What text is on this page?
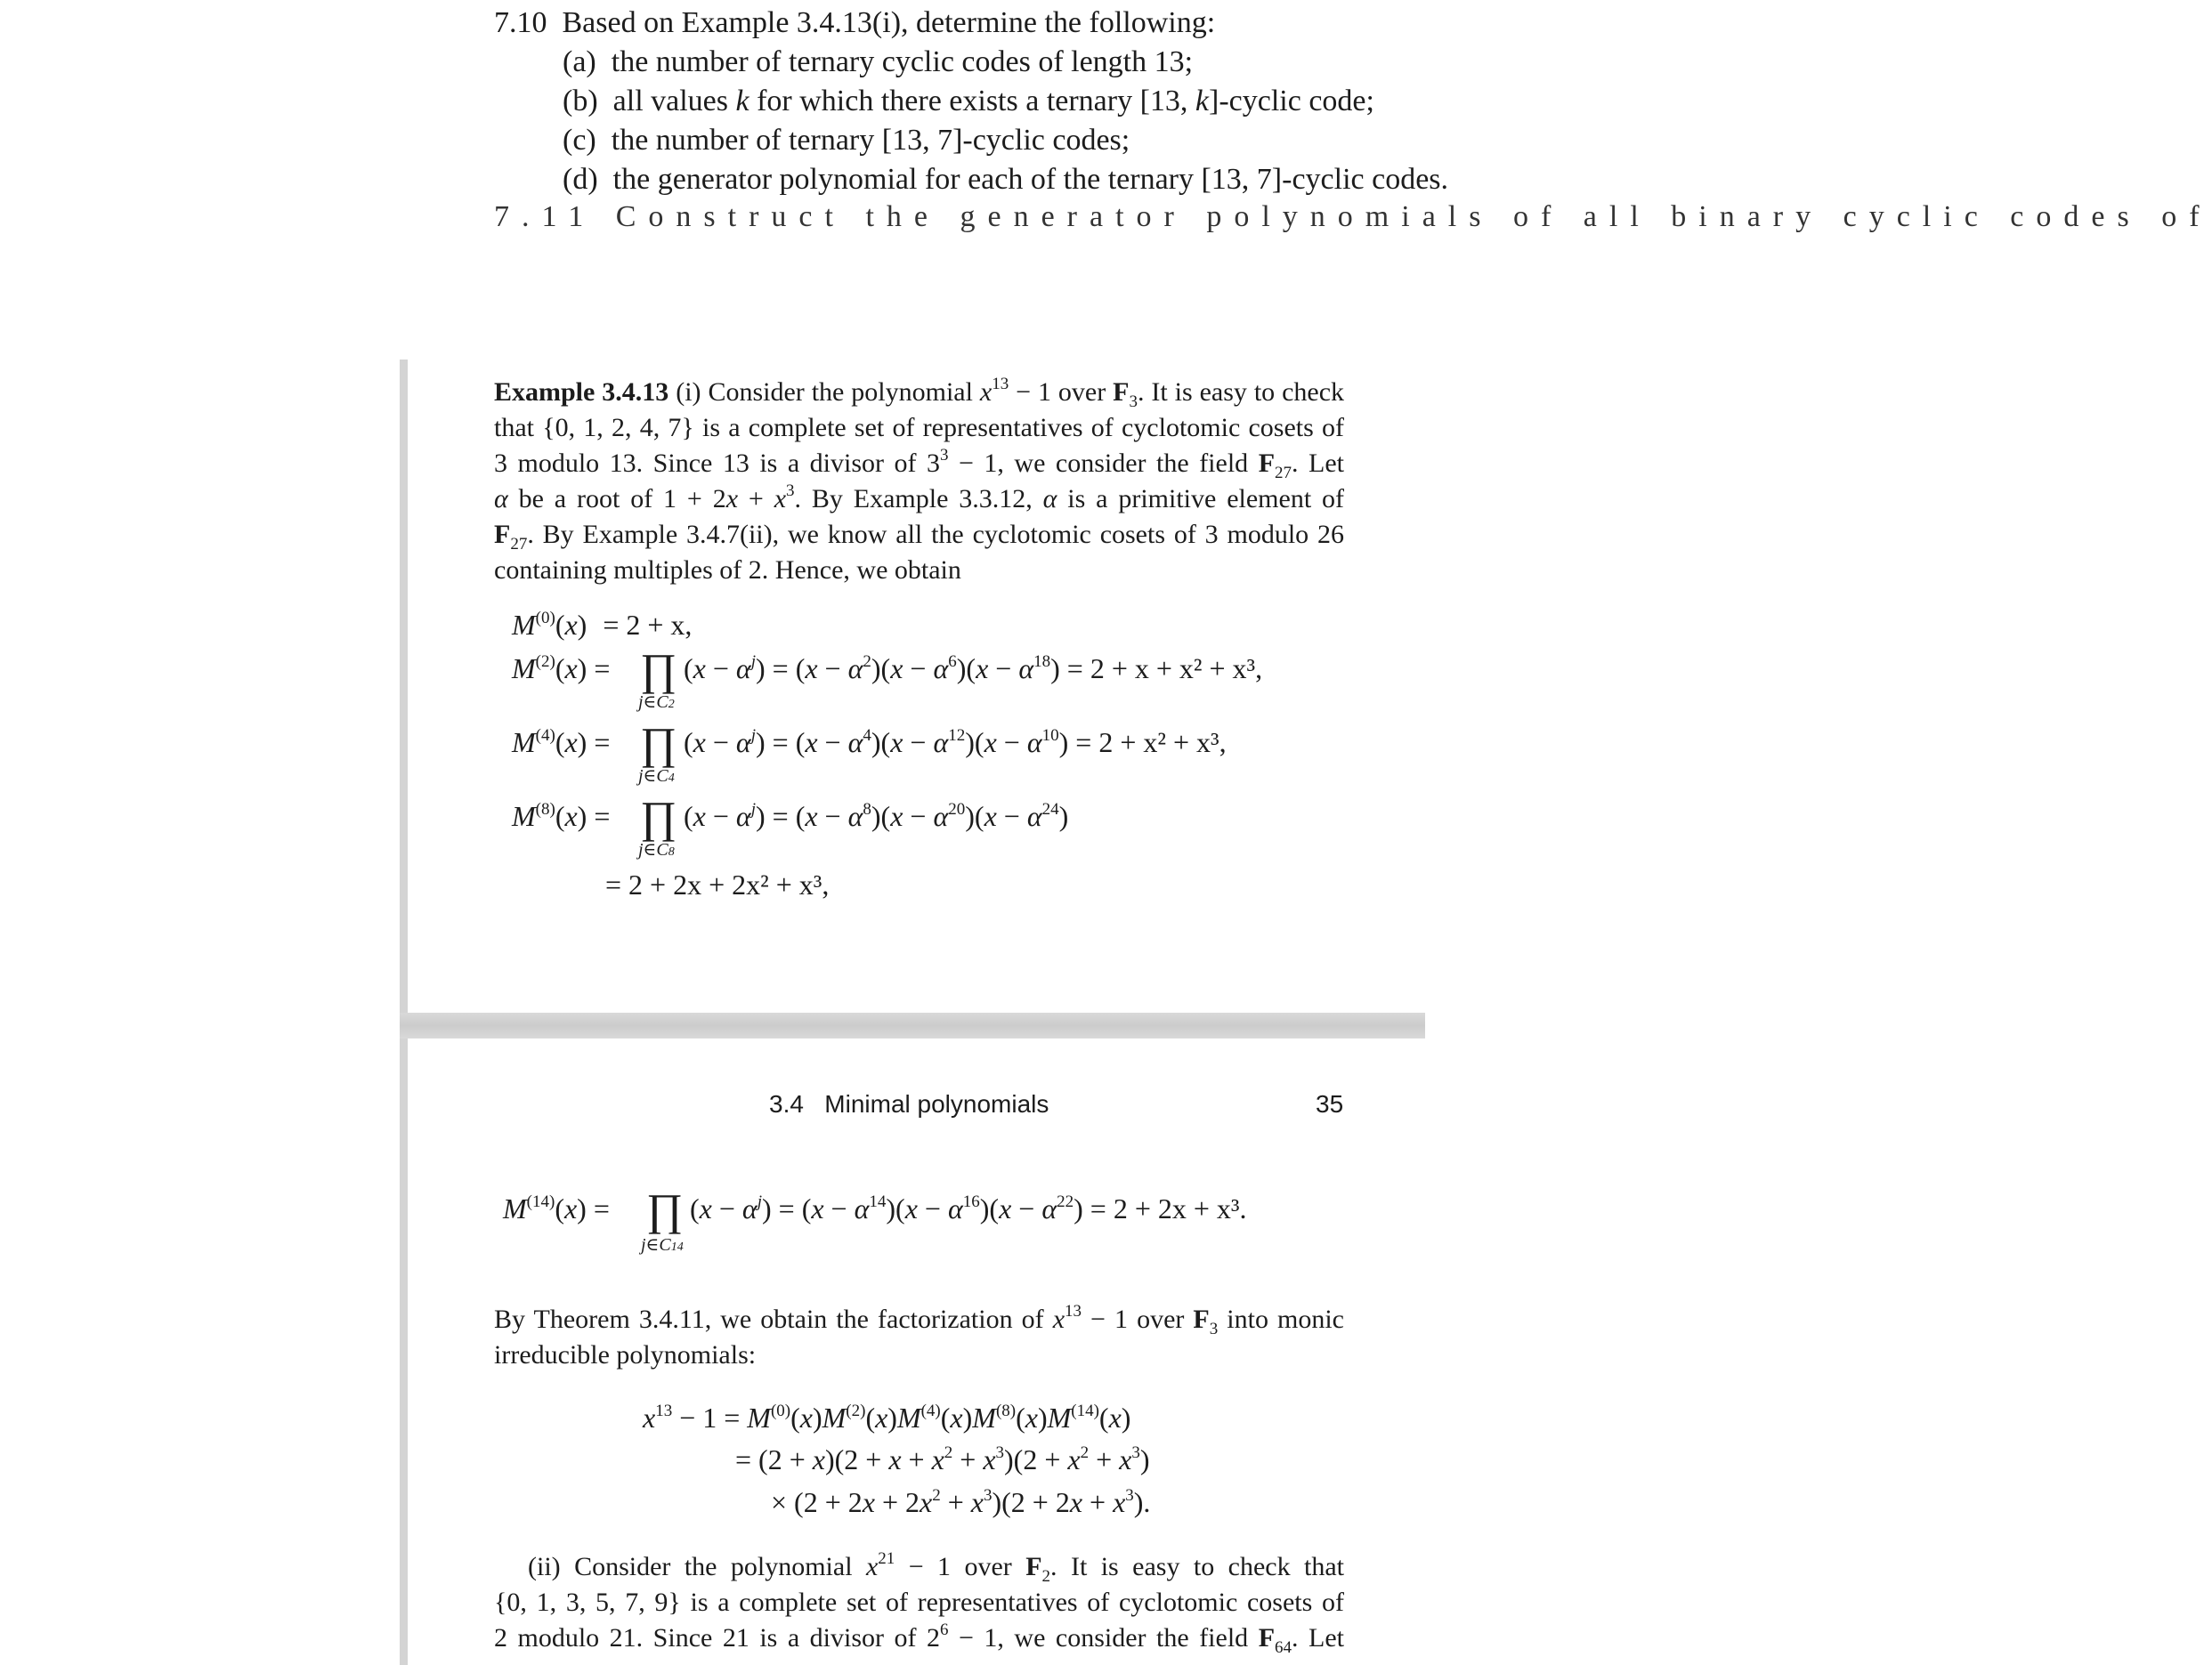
7.10 Based on Example 3.4.13(i), determine the following:
(a) the number of ternary cyclic codes of length 13;
(b) all values k for which there exists a ternary [13, k]-cyclic code;
(c) the number of ternary [13, 7]-cyclic codes;
(d) the generator polynomial for each of the ternary [13, 7]-cyclic codes.
7.11 Construct the generator polynomials of all binary cyclic codes of
Example 3.4.13 (i) Consider the polynomial $x^{13} - 1$ over $F_3$. It is easy to check
that {0, 1, 2, 4, 7} is a complete set of representatives of cyclotomic cosets of
3 modulo 13. Since 13 is a divisor of $3^3 - 1$, we consider the field $F_{27}$. Let
α be a root of $1 + 2x + x^3$. By Example 3.3.12, α is a primitive element of
$F_{27}$. By Example 3.4.7(ii), we know all the cyclotomic cosets of 3 modulo 26
containing multiples of 2. Hence, we obtain
$M^{(0)}(x) = 2 + x$,
$M^{(2)}(x)$ = ∏ $(x - \alpha^j) = (x - \alpha^2)(x - \alpha^6)(x - \alpha^{18}) = 2 + x + x^2 + x^3$,
j∈C2
$M^{(4)}(x)$ = ∏ $(x - \alpha^j) = (x - \alpha^4)(x - \alpha^{12})(x - \alpha^{10}) = 2 + x^2 + x^3$,
j∈C4
$M^{(8)}(x)$ = ∏ $(x - \alpha^j) = (x - \alpha^8)(x - \alpha^{20})(x - \alpha^{24})$
j∈C8
= 2 + 2x + 2x² + x³,
3.4 Minimal polynomials	35
$M^{(14)}(x)$ = ∏ $(x - \alpha^j) = (x - \alpha^{14})(x - \alpha^{16})(x - \alpha^{22}) = 2 + 2x + x^3$.
j∈C14
By Theorem 3.4.11, we obtain the factorization of $x^{13} - 1$ over $F_3$ into monic
irreducible polynomials:
$x^{13} - 1 = M^{(0)}(x)M^{(2)}(x)M^{(4)}(x)M^{(8)}(x)M^{(14)}(x)$
= $(2 + x)(2 + x + x^2 + x^3)(2 + x^2 + x^3)$
× $(2 + 2x + 2x^2 + x^3)(2 + 2x + x^3)$.
(ii) Consider the polynomial $x^{21} - 1$ over $F_2$. It is easy to check that
{0, 1, 3, 5, 7, 9} is a complete set of representatives of cyclotomic cosets of
2 modulo 21. Since 21 is a divisor of $2^6 - 1$, we consider the field $F_{64}$. Let
